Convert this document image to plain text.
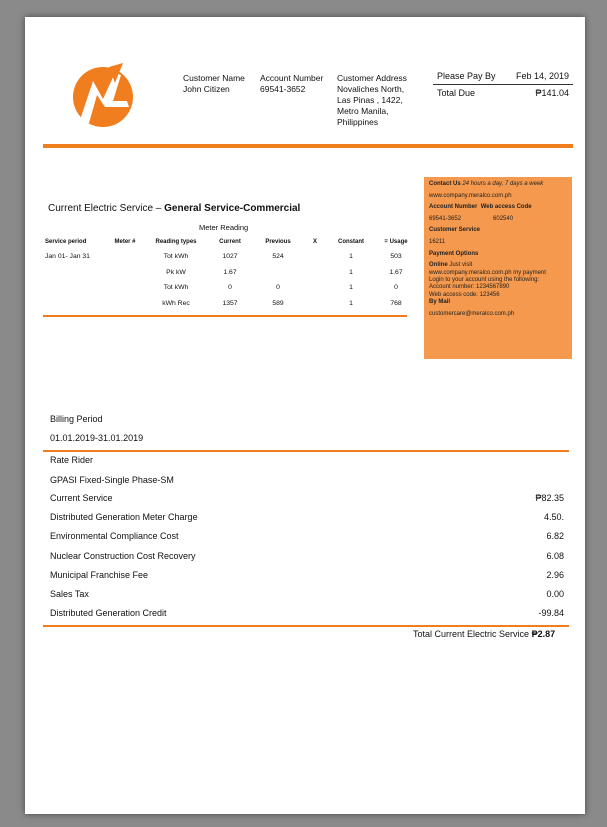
Customer Name
John Citizen
Account Number
69541-3652
Customer Address
Novaliches North,
Las Pinas , 1422,
Metro Manila,
Philippines
Please Pay By Feb 14, 2019
Total Due	₱141.04

Contact Us 24 hours a day, 7 days a week

www.company.meralco.com.ph

Account Number Web access Code

69541-3652	602540

Customer Service

16211

Payment Options

Online Just visit

www.company.meralco.com.ph my payment

Login to your account using the following:

Account number: 1234567890

Web access code: 123456

By Mail

customercare@meralco.com.ph

Current Electric Service – General Service-Commercial
Meter Reading
Service period	Meter #	Reading types	Current	Previous	X	Constant	= Usage
Jan 01- Jan 31		Tot kWh	1027	524		1	503
		Pk kW	1.67			1	1.67
		Tot kWh	0	0		1	0
		kWh Rec	1357	589		1	768
Billing Period
01.01.2019-31.01.2019
Rate Rider
GPASI Fixed-Single Phase-SM
Current Service	₱82.35
Distributed Generation Meter Charge	4.50.
Environmental Compliance Cost	6.82
Nuclear Construction Cost Recovery	6.08
Municipal Franchise Fee	2.96
Sales Tax	0.00
Distributed Generation Credit	-99.84
Total Current Electric Service ₱2.87
